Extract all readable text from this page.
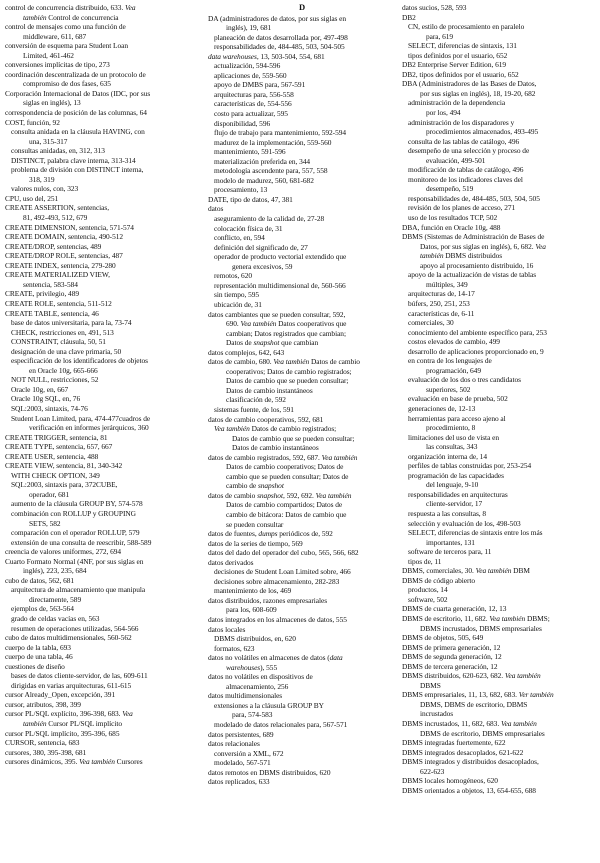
control de concurrencia distribuido, 633. Vea
también Control de concurrencia
control de mensajes como una función de
middleware, 611, 687
conversión de esquema para Student Loan
Limited, 461-462
conversiones implícitas de tipo, 273
coordinación descentralizada de un protocolo de
compromiso de dos fases, 635
Corporación Internacional de Datos (IDC, por sus
siglas en inglés), 13
correspondencia de posición de las columnas, 64
COST, función, 92
consulta anidada en la cláusula HAVING, con
una, 315-317
consultas anidadas, en, 312, 313
DISTINCT, palabra clave interna, 313-314
problema de división con DISTINCT interna,
318, 319
valores nulos, con, 323
CPU, uso del, 251
CREATE ASSERTION, sentencias,
81, 492-493, 512, 679
CREATE DIMENSION, sentencia, 571-574
CREATE DOMAIN, sentencia, 490-512
CREATE/DROP, sentencias, 489
CREATE/DROP ROLE, sentencias, 487
CREATE INDEX, sentencia, 279-280
CREATE MATERIALIZED VIEW,
sentencia, 583-584
CREATE, privilegio, 489
CREATE ROLE, sentencia, 511-512
CREATE TABLE, sentencia, 46
base de datos universitaria, para la, 73-74
CHECK, restricciones en, 491, 513
CONSTRAINT, cláusula, 50, 51
designación de una clave primaria, 50
especificación de los identificadores de objetos
en Oracle 10g, 665-666
NOT NULL, restricciones, 52
Oracle 10g, en, 667
Oracle 10g SQL, en, 76
SQL:2003, sintaxis, 74-76
Student Loan Limited, para, 474-477cuadros de
verificación en informes jerárquicos, 360
CREATE TRIGGER, sentencia, 81
CREATE TYPE, sentencia, 657, 667
CREATE USER, sentencia, 488
CREATE VIEW, sentencia, 81, 340-342
WITH CHECK OPTION, 349
SQL:2003, sintaxis para, 372CUBE,
operador, 681
aumento de la cláusula GROUP BY, 574-578
combinación con ROLLUP y GROUPING
SETS, 582
comparación con el operador ROLLUP, 579
extensión de una consulta de reescribir, 588-589
creencia de valores uniformes, 272, 694
Cuarto Formato Normal (4NF, por sus siglas en
inglés), 223, 235, 684
cubo de datos, 562, 681
arquitectura de almacenamiento que manipula
directamente, 589
ejemplos de, 563-564
grado de celdas vacías en, 563
resumen de operaciones utilizadas, 564-566
cubo de datos multidimensionales, 560-562
cuerpo de la tabla, 693
cuerpo de una tabla, 46
cuestiones de diseño
bases de datos cliente-servidor, de las, 609-611
dirigidas en varias arquitecturas, 611-615
cursor Already_Open, excepción, 391
cursor, atributos, 398, 399
cursor PL/SQL explícito, 396-398, 683. Vea
también Cursor PL/SQL implícito
cursor PL/SQL implícito, 395-396, 685
CURSOR, sentencia, 683
cursores, 380, 395-398, 681
cursores dinámicos, 395. Vea también Cursores
D
DA (administradores de datos, por sus siglas en
inglés), 19, 681
planeación de datos desarrollada por, 497-498
responsabilidades de, 484-485, 503, 504-505
data warehouses, 13, 503-504, 554, 681
actualización, 594-596
aplicaciones de, 559-560
apoyo de DMBS para, 567-591
arquitecturas para, 556-558
características de, 554-556
costo para actualizar, 595
disponibilidad, 596
flujo de trabajo para mantenimiento, 592-594
madurez de la implementación, 559-560
mantenimiento, 591-596
materialización preferida en, 344
metodología ascendente para, 557, 558
modelo de madurez, 560, 681-682
procesamiento, 13
DATE, tipo de datos, 47, 381
datos
aseguramiento de la calidad de, 27-28
colocación física de, 31
conflicto, en, 594
definición del significado de, 27
operador de producto vectorial extendido que
genera excesivos, 59
remotos, 620
representación multidimensional de, 560-566
sin tiempo, 595
ubicación de, 31
datos cambiantes que se pueden consultar, 592,
690. Vea también Datos cooperativos que
cambian; Datos registrados que cambian;
Datos de snapshot que cambian
datos complejos, 642, 643
datos de cambio, 680. Vea también Datos de cambio
cooperativos; Datos de cambio registrados;
Datos de cambio que se pueden consultar;
Datos de cambio instantáneos
clasificación de, 592
sistemas fuente, de los, 591
datos de cambio cooperativos, 592, 681
Vea también Datos de cambio registrados;
Datos de cambio que se pueden consultar;
Datos de cambio instantáneos
datos de cambio registrados, 592, 687. Vea también
Datos de cambio cooperativos; Datos de
cambio que se pueden consultar; Datos de
cambio de snapshot
datos de cambio snapshot, 592, 692. Vea también
Datos de cambio compartidos; Datos de
cambio de bitácora: Datos de cambio que
se pueden consultar
datos de fuentes, dumps periódicos de, 592
datos de la series de tiempo, 569
datos del dado del operador del cubo, 565, 566, 682
datos derivados
decisiones de Student Loan Limited sobre, 466
decisiones sobre almacenamiento, 282-283
mantenimiento de los, 469
datos distribuidos, razones empresariales
para los, 608-609
datos integrados en los almacenes de datos, 555
datos locales
DBMS distribuidos, en, 620
formatos, 623
datos no volátiles en almacenes de datos (data
warehouses), 555
datos no volátiles en dispositivos de
almacenamiento, 256
datos multidimensionales
extensiones a la cláusula GROUP BY
para, 574-583
modelado de datos relacionales para, 567-571
datos persistentes, 689
datos relacionales
conversión a XML, 672
modelado, 567-571
datos remotos en DBMS distribuidos, 620
datos replicados, 633
datos sucios, 528, 593
DB2
CN, estilo de procesamiento en paralelo
para, 619
SELECT, diferencias de sintaxis, 131
tipos definidos por el usuario, 652
DB2 Enterprise Server Edition, 619
DB2, tipos definidos por el usuario, 652
DBA (Administradores de las Bases de Datos,
por sus siglas en inglés), 18, 19-20, 682
administración de la dependencia
por los, 494
administración de los disparadores y
procedimientos almacenados, 493-495
consulta de las tablas de catálogo, 496
desempeño de una selección y proceso de
evaluación, 499-501
modificación de tablas de catálogo, 496
monitoreo de los indicadores claves del
desempeño, 519
responsabilidades de, 484-485, 503, 504, 505
revisión de los planes de acceso, 271
uso de los resultados TCP, 502
DBA, función en Oracle 10g, 488
DBMS (Sistemas de Administración de Bases de
Datos, por sus siglas en inglés), 6, 682. Vea
también DBMS distribuidos
apoyo al procesamiento distribuido, 16
apoyo de la actualización de vistas de tablas
múltiples, 349
arquitecturas de, 14-17
búfers, 250, 251, 253
características de, 6-11
comerciales, 30
conocimiento del ambiente específico para, 253
costos elevados de cambio, 499
desarrollo de aplicaciones proporcionado en, 9
en contra de los lenguajes de
programación, 649
evaluación de los dos o tres candidatos
superiores, 502
evaluación en base de prueba, 502
generaciones de, 12-13
herramientas para acceso ajeno al
procedimiento, 8
limitaciones del uso de vista en
las consultas, 343
organización interna de, 14
perfiles de tablas construidas por, 253-254
programación de las capacidades
del lenguaje, 9-10
responsabilidades en arquitecturas
cliente-servidor, 17
respuesta a las consultas, 8
selección y evaluación de los, 498-503
SELECT, diferencias de sintaxis entre los más
importantes, 131
software de terceros para, 11
tipos de, 11
DBMS, comerciales, 30. Vea también DBM
DBMS de código abierto
productos, 14
software, 502
DBMS de cuarta generación, 12, 13
DBMS de escritorio, 11, 682. Vea también DBMS;
DBMS incrustados, DBMS empresariales
DBMS de objetos, 505, 649
DBMS de primera generación, 12
DBMS de segunda generación, 12
DBMS de tercera generación, 12
DBMS distribuidos, 620-623, 682. Vea también
DBMS
DBMS empresariales, 11, 13, 682, 683. Ver también
DBMS, DBMS de escritorio, DBMS
incrustados
DBMS incrustados, 11, 682, 683. Vea también
DBMS de escritorio, DBMS empresariales
DBMS integradas fuertemente, 622
DBMS integrados desacoplados, 621-622
DBMS integrados y distribuidos desacoplados,
622-623
DBMS locales homogéneos, 620
DBMS orientados a objetos, 13, 654-655, 688
